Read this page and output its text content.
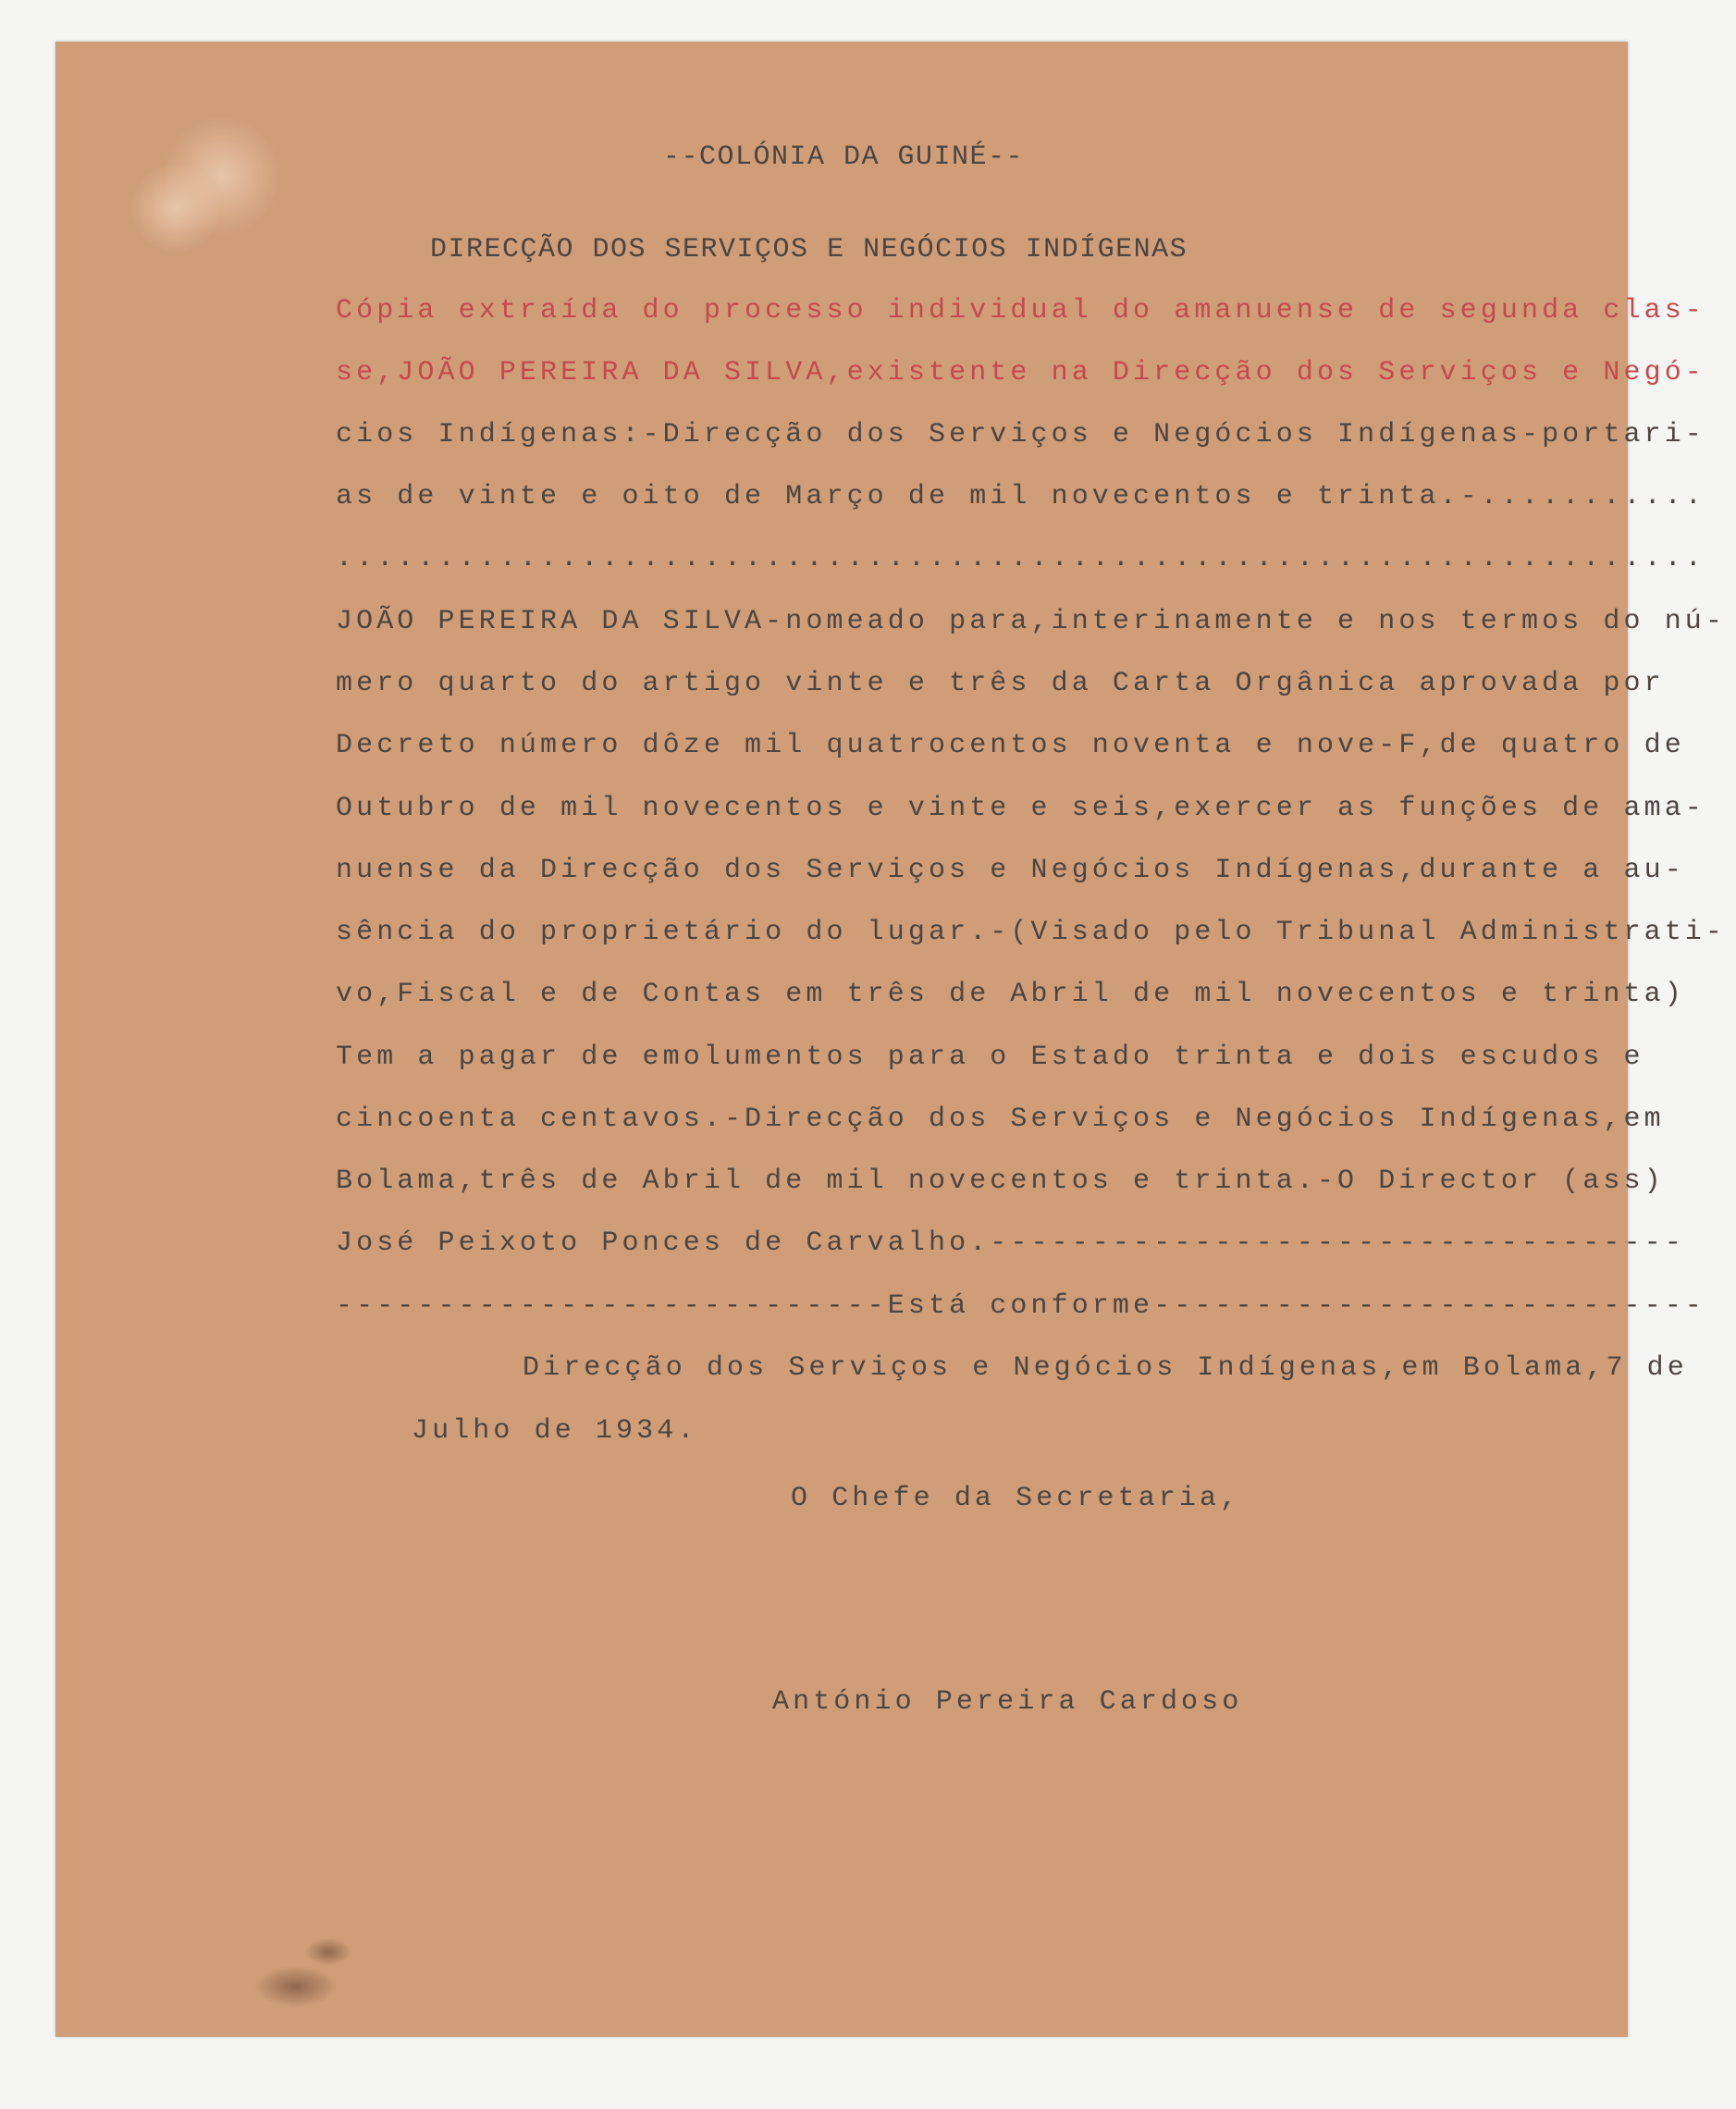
--COLÓNIA DA GUINÉ--
DIRECÇÃO DOS SERVIÇOS E NEGÓCIOS INDÍGENAS
Cópia extraída do processo individual do amanuense de segunda clas-
se,JOÃO PEREIRA DA SILVA,existente na Direcção dos Serviços e Negó-
cios Indígenas:-Direcção dos Serviços e Negócios Indígenas-portari-
as de vinte e oito de Março de mil novecentos e trinta.-...........
...................................................................
JOÃO PEREIRA DA SILVA-nomeado para,interinamente e nos termos do nú-
mero quarto do artigo vinte e três da Carta Orgânica aprovada por
Decreto número dôze mil quatrocentos noventa e nove-F,de quatro de
Outubro de mil novecentos e vinte e seis,exercer as funções de ama-
nuense da Direcção dos Serviços e Negócios Indígenas,durante a au-
sência do proprietário do lugar.-(Visado pelo Tribunal Administrati-
vo,Fiscal e de Contas em três de Abril de mil novecentos e trinta)
Tem a pagar de emolumentos para o Estado trinta e dois escudos e
cincoenta centavos.-Direcção dos Serviços e Negócios Indígenas,em
Bolama,três de Abril de mil novecentos e trinta.-O Director (ass)
José Peixoto Ponces de Carvalho.----------------------------------
---------------------------Está conforme---------------------------
Direcção dos Serviços e Negócios Indígenas,em Bolama,7 de
Julho de 1934.
O Chefe da Secretaria,
António Pereira Cardoso
